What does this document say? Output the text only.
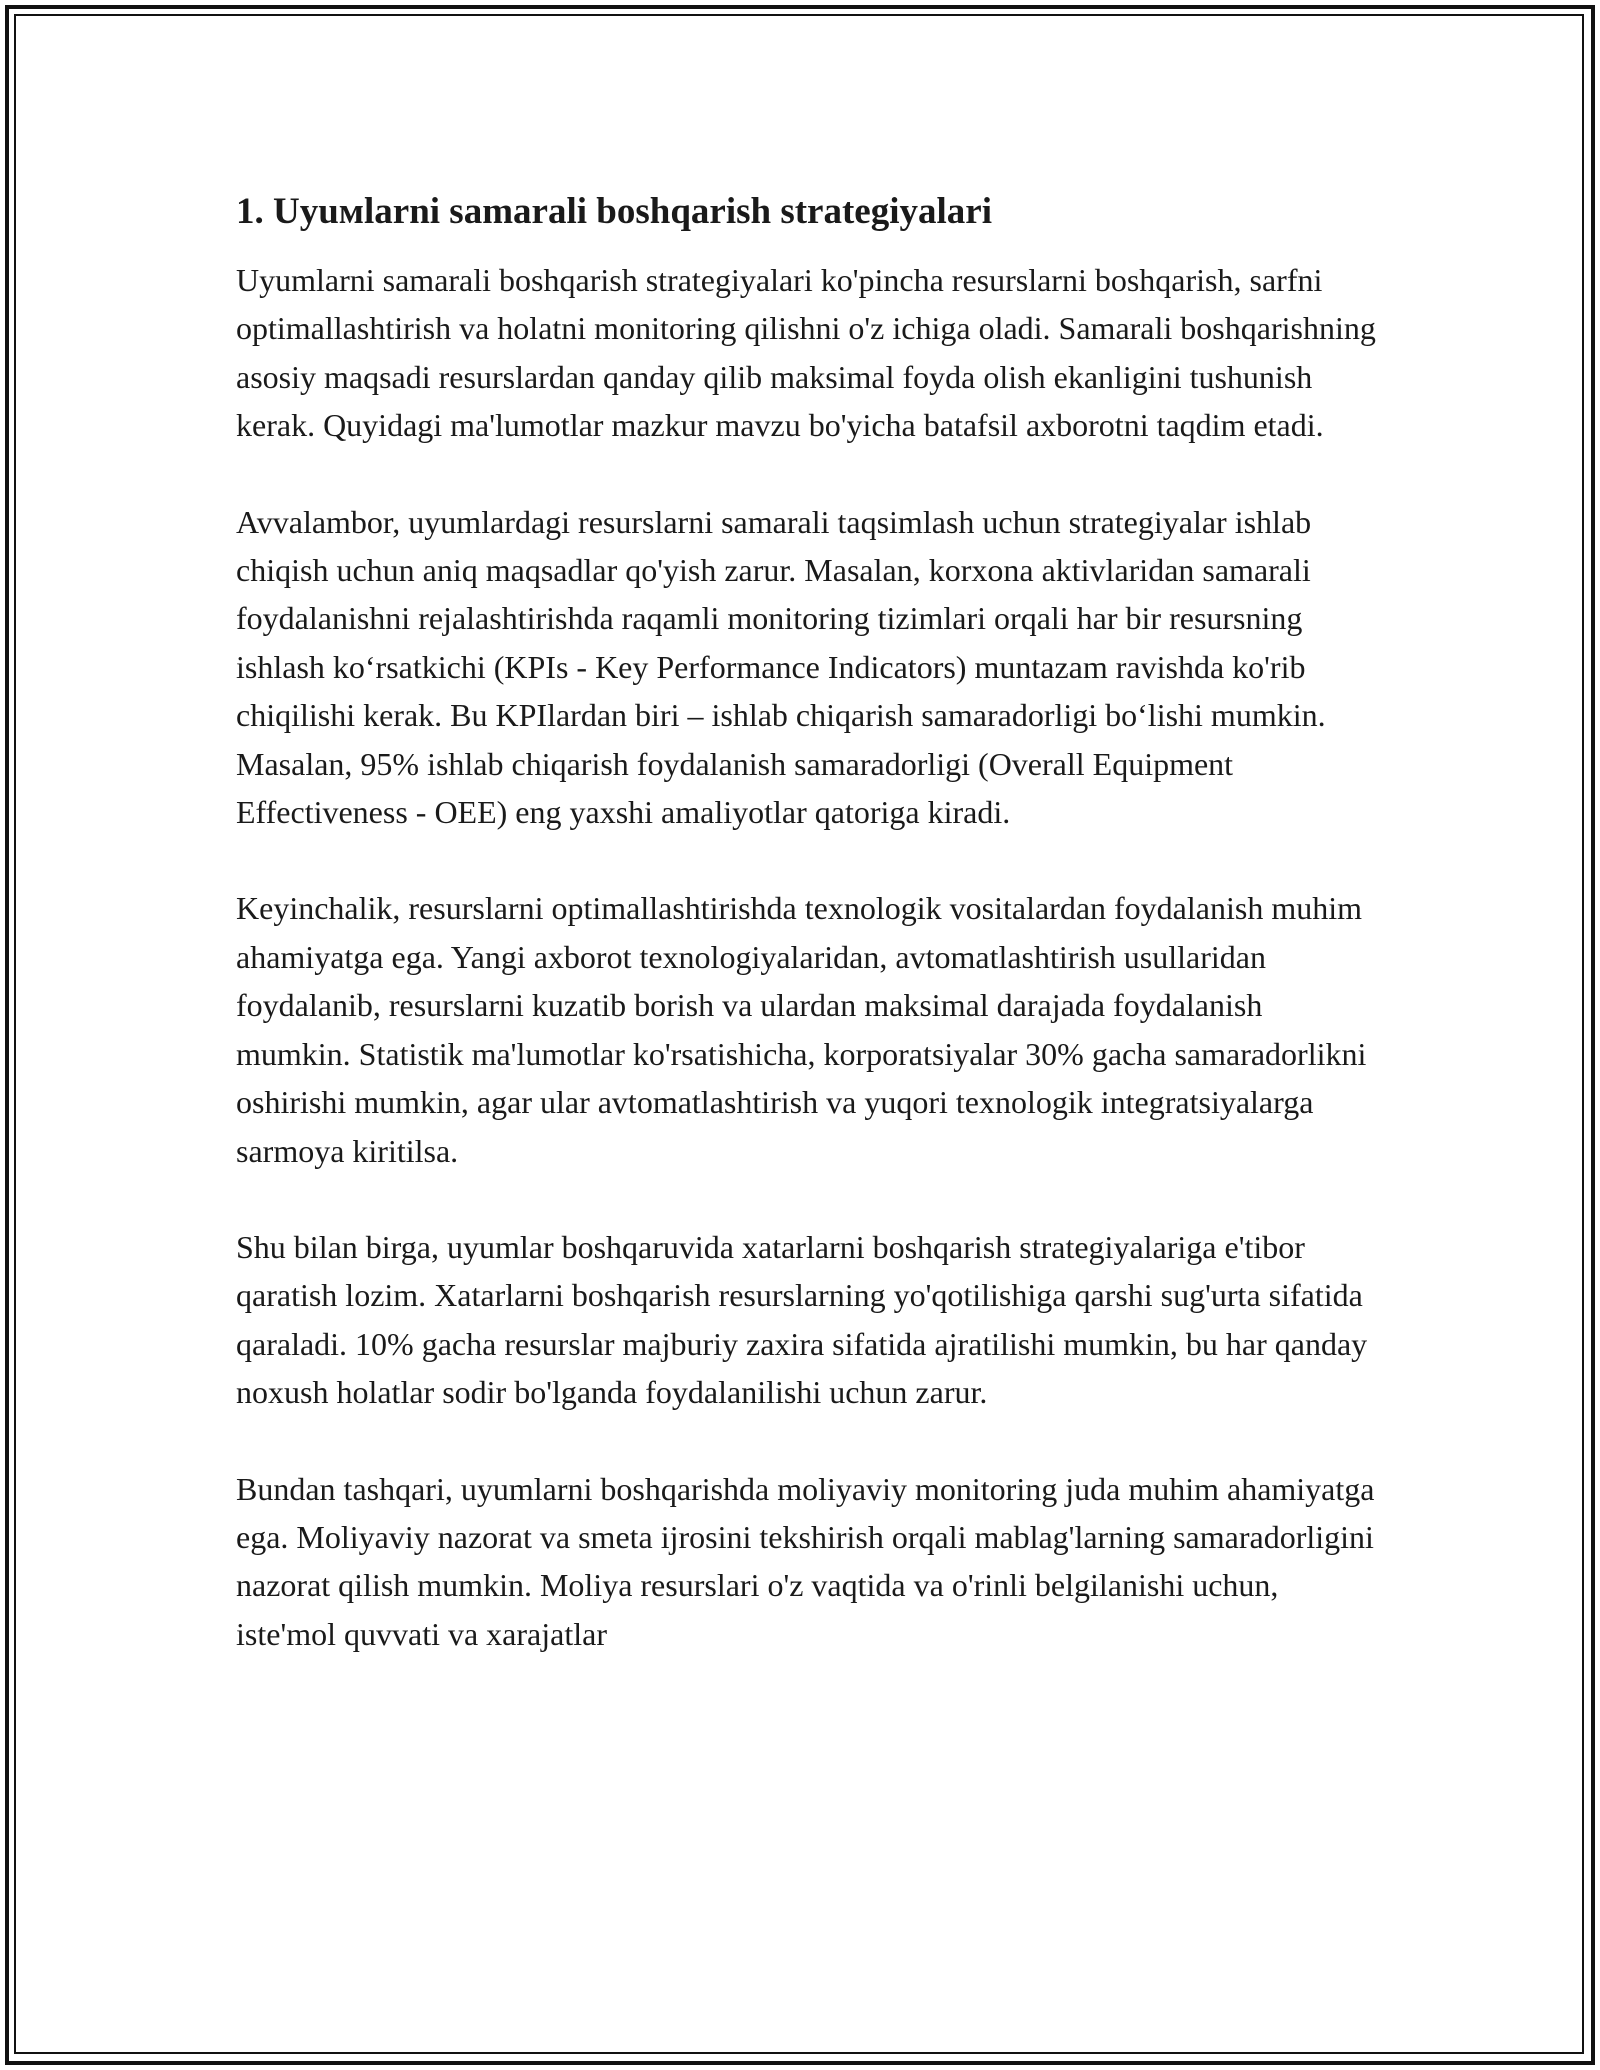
1. Uyuмlarni samarali boshqarish strategiyalari

Uyumlarni samarali boshqarish strategiyalari ko'pincha resurslarni boshqarish, sarfni optimallashtirish va holatni monitoring qilishni o'z ichiga oladi. Samarali boshqarishning asosiy maqsadi resurslardan qanday qilib maksimal foyda olish ekanligini tushunish kerak. Quyidagi ma'lumotlar mazkur mavzu bo'yicha batafsil axborotni taqdim etadi.

Avvalambor, uyumlardagi resurslarni samarali taqsimlash uchun strategiyalar ishlab chiqish uchun aniq maqsadlar qo'yish zarur. Masalan, korxona aktivlaridan samarali foydalanishni rejalashtirishda raqamli monitoring tizimlari orqali har bir resursning ishlash ko‘rsatkichi (KPIs - Key Performance Indicators) muntazam ravishda ko'rib chiqilishi kerak. Bu KPIlardan biri – ishlab chiqarish samaradorligi bo‘lishi mumkin. Masalan, 95% ishlab chiqarish foydalanish samaradorligi (Overall Equipment Effectiveness - OEE) eng yaxshi amaliyotlar qatoriga kiradi.

Keyinchalik, resurslarni optimallashtirishda texnologik vositalardan foydalanish muhim ahamiyatga ega. Yangi axborot texnologiyalaridan, avtomatlashtirish usullaridan foydalanib, resurslarni kuzatib borish va ulardan maksimal darajada foydalanish mumkin. Statistik ma'lumotlar ko'rsatishicha, korporatsiyalar 30% gacha samaradorlikni oshirishi mumkin, agar ular avtomatlashtirish va yuqori texnologik integratsiyalarga sarmoya kiritilsa.

Shu bilan birga, uyumlar boshqaruvida xatarlarni boshqarish strategiyalariga e'tibor qaratish lozim. Xatarlarni boshqarish resurslarning yo'qotilishiga qarshi sug'urta sifatida qaraladi. 10% gacha resurslar majburiy zaxira sifatida ajratilishi mumkin, bu har qanday noxush holatlar sodir bo'lganda foydalanilishi uchun zarur.

Bundan tashqari, uyumlarni boshqarishda moliyaviy monitoring juda muhim ahamiyatga ega. Moliyaviy nazorat va smeta ijrosini tekshirish orqali mablag'larning samaradorligini nazorat qilish mumkin. Moliya resurslari o'z vaqtida va o'rinli belgilanishi uchun, iste'mol quvvati va xarajatlar
